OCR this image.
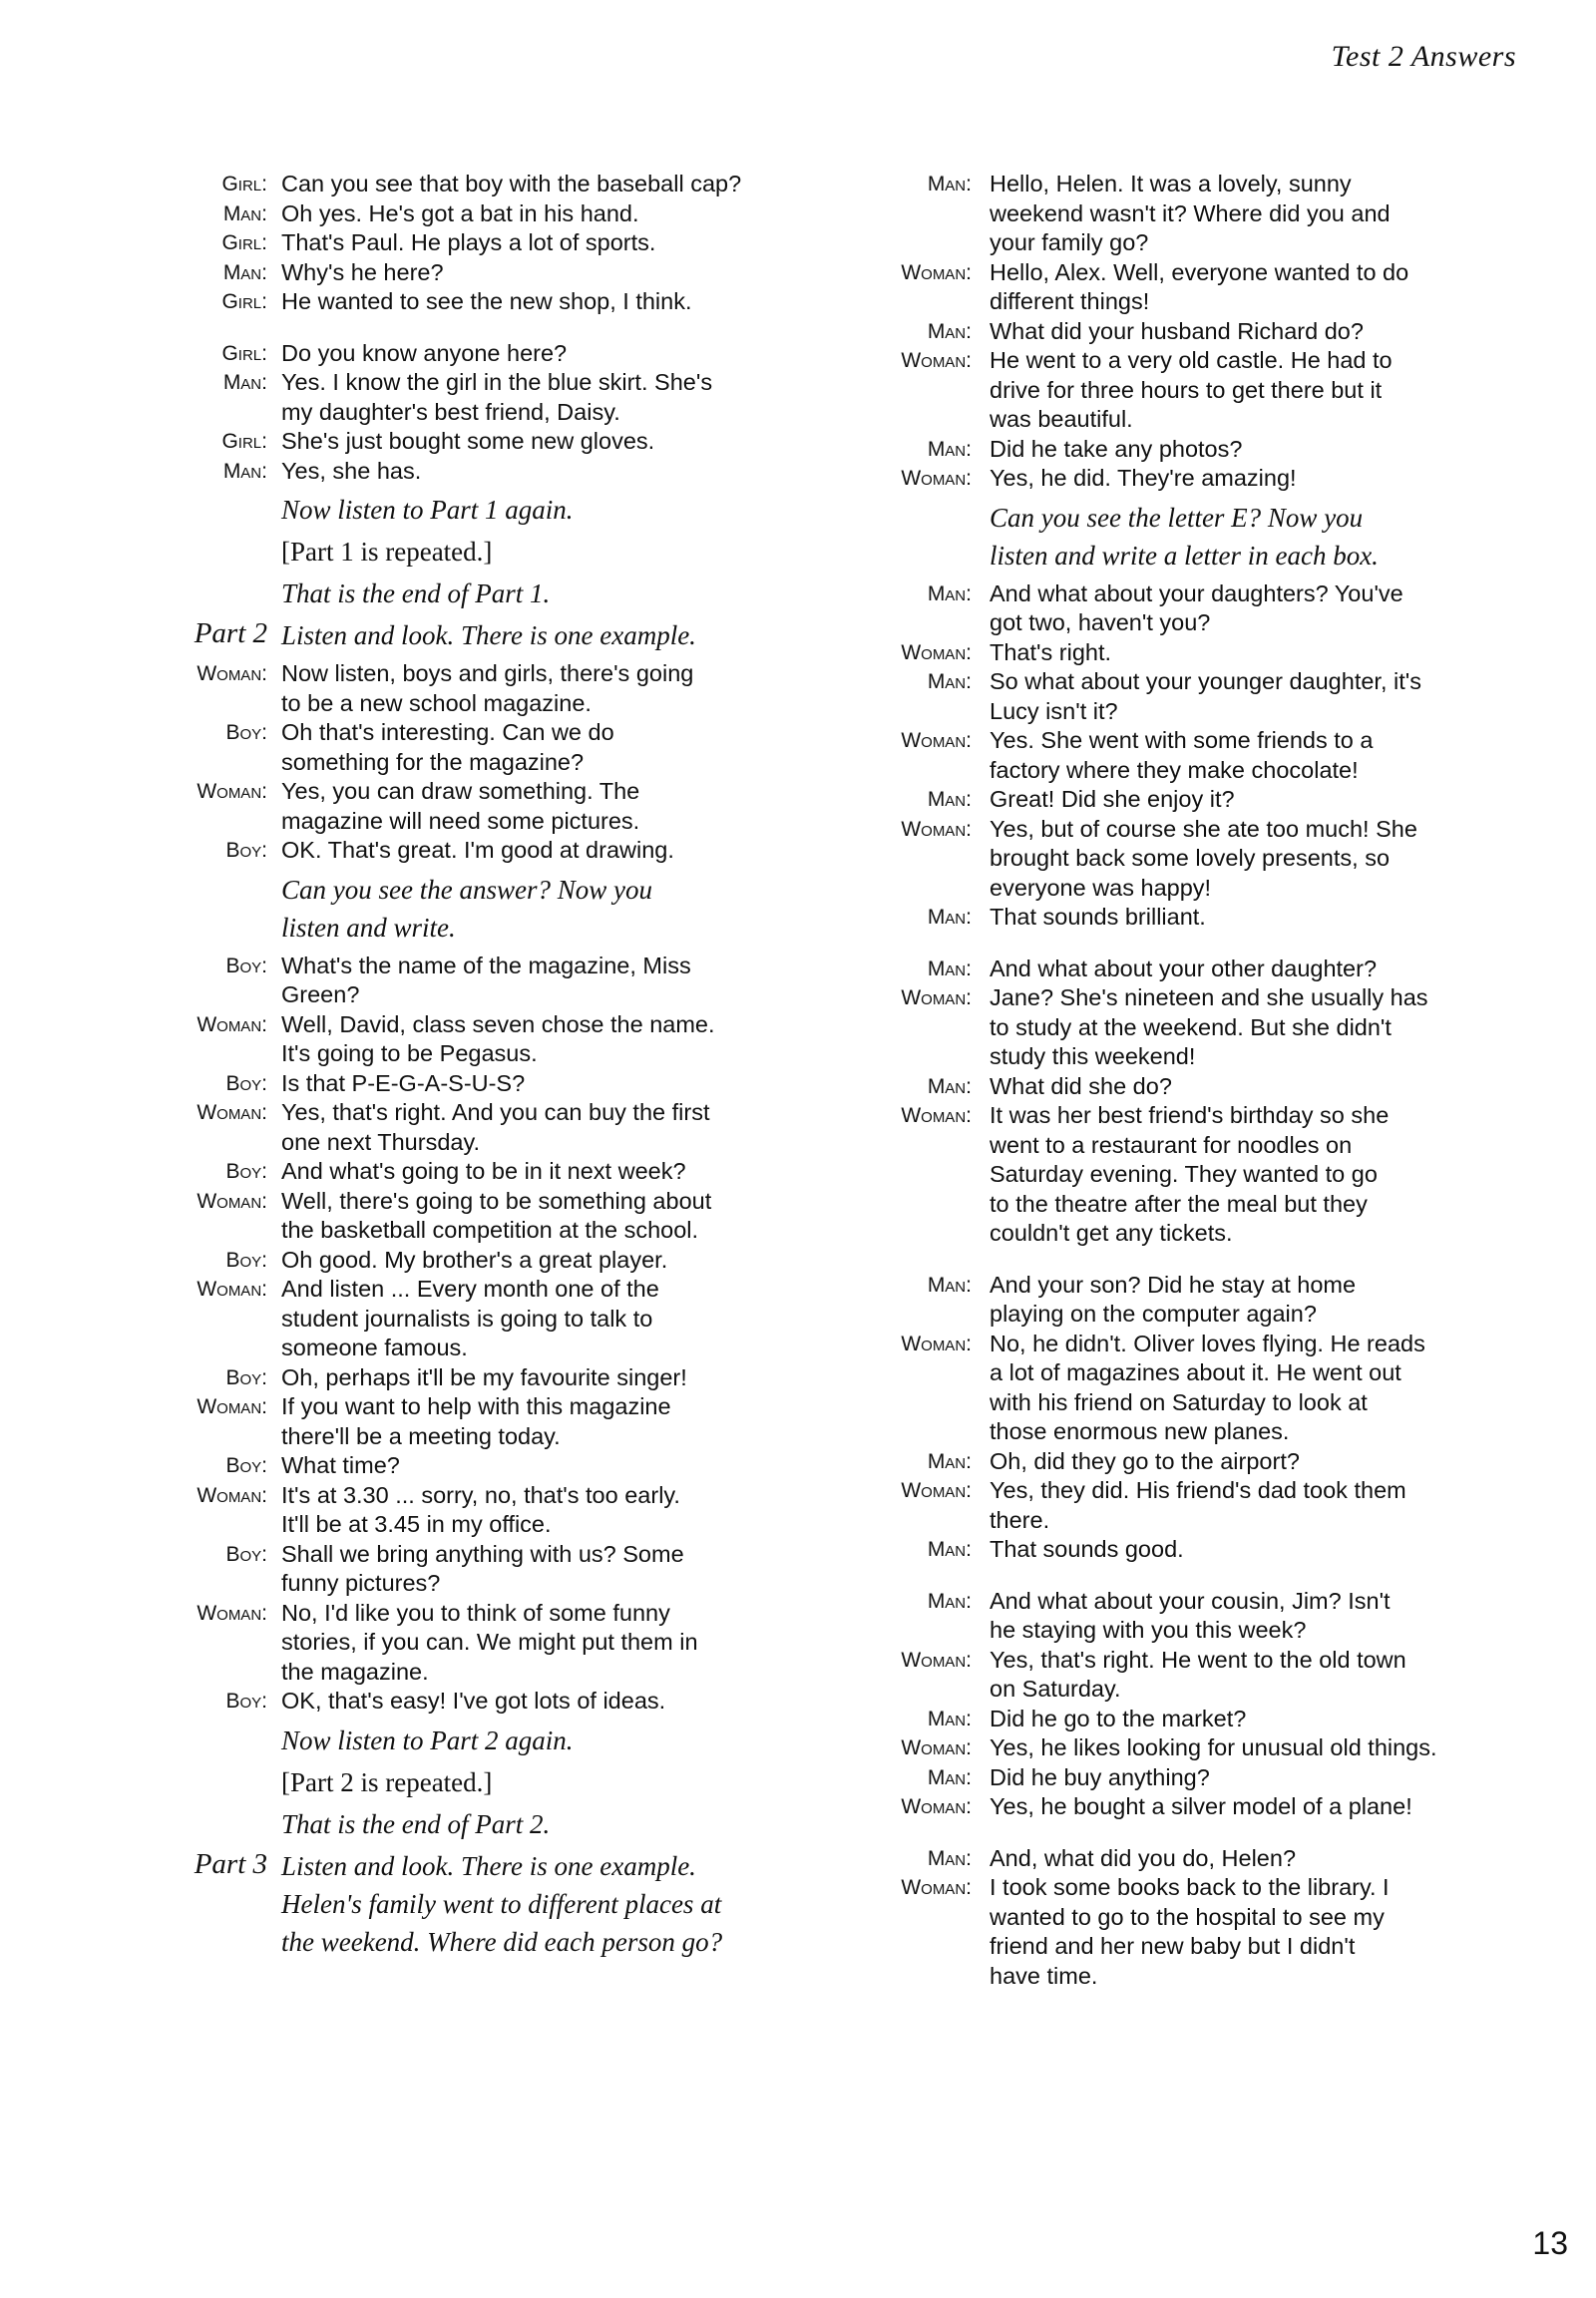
Test 2 Answers
Girl : Can you see that boy with the baseball cap?
Man : Oh yes. He's got a bat in his hand.
Girl : That's Paul. He plays a lot of sports.
Man : Why's he here?
Girl : He wanted to see the new shop, I think.
Girl : Do you know anyone here?
Man : Yes. I know the girl in the blue skirt. She's
my daughter's best friend, Daisy.
Girl : She's just bought some new gloves.
Man : Yes, she has.
Now listen to Part 1 again.
[Part 1 is repeated.]
That is the end of Part 1.
Part 2 Listen and look. There is one example.
Woman : Now listen, boys and girls, there's going
to be a new school magazine.
Boy : Oh that's interesting. Can we do
something for the magazine?
Woman : Yes, you can draw something. The
magazine will need some pictures.
Boy : OK. That's great. I'm good at drawing.
Can you see the answer? Now you
listen and write.
Boy : What's the name of the magazine, Miss
Green?
Woman : Well, David, class seven chose the name.
It's going to be Pegasus.
Boy : Is that P-E-G-A-S-U-S?
Woman : Yes, that's right. And you can buy the first
one next Thursday.
Boy : And what's going to be in it next week?
Woman : Well, there's going to be something about
the basketball competition at the school.
Boy : Oh good. My brother's a great player.
Woman : And listen ... Every month one of the
student journalists is going to talk to
someone famous.
Boy : Oh, perhaps it'll be my favourite singer!
Woman : If you want to help with this magazine
there'll be a meeting today.
Boy : What time?
Woman : It's at 3.30 ... sorry, no, that's too early.
It'll be at 3.45 in my office.
Boy : Shall we bring anything with us? Some
funny pictures?
Woman : No, I'd like you to think of some funny
stories, if you can. We might put them in
the magazine.
Boy : OK, that's easy! I've got lots of ideas.
Now listen to Part 2 again.
[Part 2 is repeated.]
That is the end of Part 2.
Part 3 Listen and look. There is one example.
Helen's family went to different places at
the weekend. Where did each person go?
Man :	Hello, Helen. It was a lovely, sunny
weekend wasn't it? Where did you and
your family go?
Woman :	Hello, Alex. Well, everyone wanted to do
different things!
Man :	What did your husband Richard do?
Woman :	He went to a very old castle. He had to
drive for three hours to get there but it
was beautiful.
Man :	Did he take any photos?
Woman :	Yes, he did. They're amazing!
Can you see the letter E? Now you
listen and write a letter in each box.
Man :	And what about your daughters? You've
got two, haven't you?
Woman :	That's right.
Man :	So what about your younger daughter, it's
Lucy isn't it?
Woman :	Yes. She went with some friends to a
factory where they make chocolate!
Man :	Great! Did she enjoy it?
Woman :	Yes, but of course she ate too much! She
brought back some lovely presents, so
everyone was happy!
Man :	That sounds brilliant.
Man :	And what about your other daughter?
Woman :	Jane? She's nineteen and she usually has
to study at the weekend. But she didn't
study this weekend!
Man :	What did she do?
Woman :	It was her best friend's birthday so she
went to a restaurant for noodles on
Saturday evening. They wanted to go
to the theatre after the meal but they
couldn't get any tickets.
Man :	And your son? Did he stay at home
playing on the computer again?
Woman :	No, he didn't. Oliver loves flying. He reads
a lot of magazines about it. He went out
with his friend on Saturday to look at
those enormous new planes.
Man :	Oh, did they go to the airport?
Woman :	Yes, they did. His friend's dad took them
there.
Man :	That sounds good.
Man :	And what about your cousin, Jim? Isn't
he staying with you this week?
Woman :	Yes, that's right. He went to the old town
on Saturday.
Man :	Did he go to the market?
Woman :	Yes, he likes looking for unusual old things.
Man :	Did he buy anything?
Woman :	Yes, he bought a silver model of a plane!
Man :	And, what did you do, Helen?
Woman :	I took some books back to the library. I
wanted to go to the hospital to see my
friend and her new baby but I didn't
have time.
13
